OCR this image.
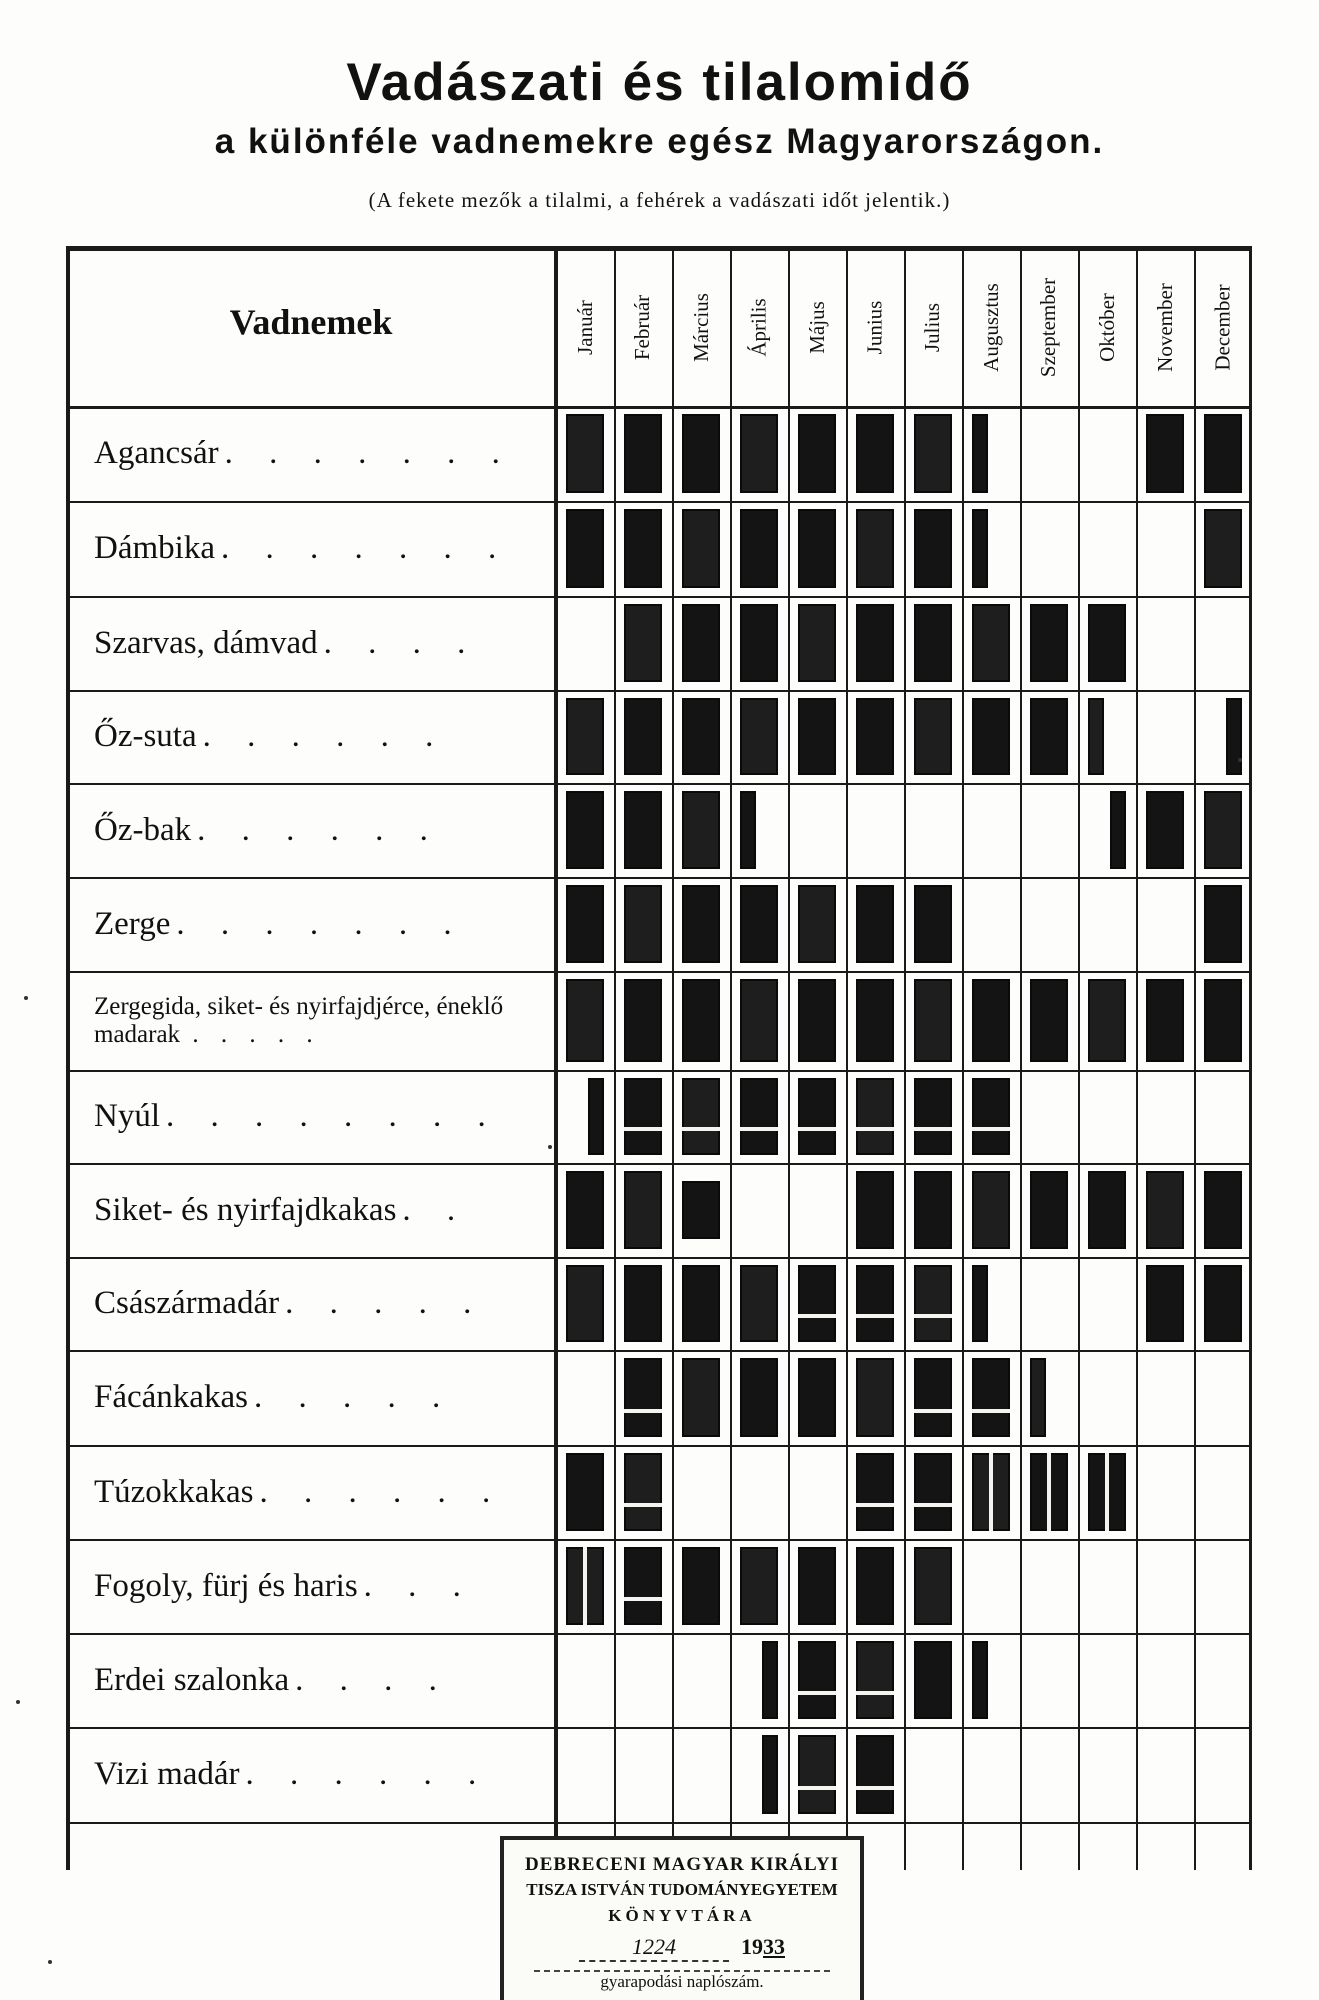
Vadászati és tilalomidő
a különféle vadnemekre egész Magyarországon.
(A fekete mezők a tilalmi, a fehérek a vadászati időt jelentik.)
Vadnemek	Január Február Március Április Május Junius Julius Augusztus Szeptember Október November December
Agancsár . . . . . . .
Dámbika . . . . . . .
Szarvas, dámvad . . . .
Őz-suta . . . . . .
Őz-bak . . . . . .
Zerge . . . . . . .
Zergegida, siket- és nyirfajdjérce, éneklő madarak . . . . .
Nyúl . . . . . . . .
Siket- és nyirfajdkakas . .
Császármadár . . . . .
Fácánkakas . . . . .
Túzokkakas . . . . . .
Fogoly, fürj és haris . . .
Erdei szalonka . . . .
Vizi madár . . . . . .
DEBRECENI MAGYAR KIRÁLYI
TISZA ISTVÁN TUDOMÁNYEGYETEM
KÖNYVTÁRA
1224	1933
gyarapodási naplószám.
